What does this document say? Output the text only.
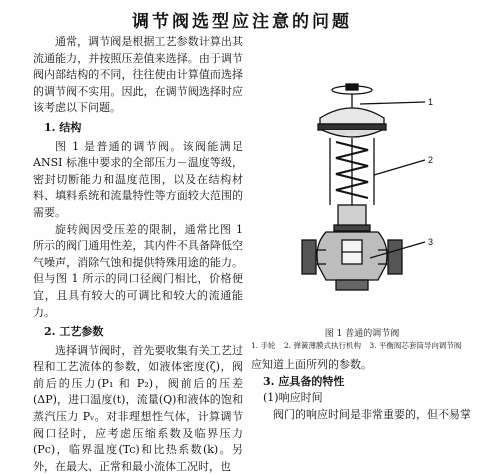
调节阀选型应注意的问题

通常，调节阀是根据工艺参数计算出其流通能力，并按照压差值来选择。由于调节阀内部结构的不同，往往使由计算值而选择的调节阀不实用。因此，在调节阀选择时应该考虑以下问题。

1. 结构

图 1 是普通的调节阀。该阀能满足 ANSI 标准中要求的全部压力－温度等级，密封切断能力和温度范围，以及在结构材料、填料系统和流量特性等方面较大范围的需要。

旋转阀因受压差的限制，通常比图 1 所示的阀门通用性差，其内件不具备降低空气噪声，消除气蚀和提供特殊用途的能力。但与图 1 所示的同口径阀门相比，价格便宜，且具有较大的可调比和较大的流通能力。

2. 工艺参数

选择调节阀时，首先要收集有关工艺过程和工艺流体的参数，如液体密度(ζ)，阀前后的压力(P₁ 和 P₂)，阀前后的压差(ΔP)，进口温度(t)，流量(Q)和液体的饱和蒸汽压力 Pᵥ。对非理想性气体，计算调节阀口径时，应考虑压缩系数及临界压力(Pc)，临界温度(Tc)和比热系数(k)。另外，在最大、正常和最小流体工况时，也

1
2
3
图 1 普通的调节阀
1. 手轮 2. 弹簧薄膜式执行机构 3. 平衡阀芯套筒导向调节阀

应知道上面所列的参数。

3. 应具备的特性

(1)响应时间

阀门的响应时间是非常重要的，但不易掌
